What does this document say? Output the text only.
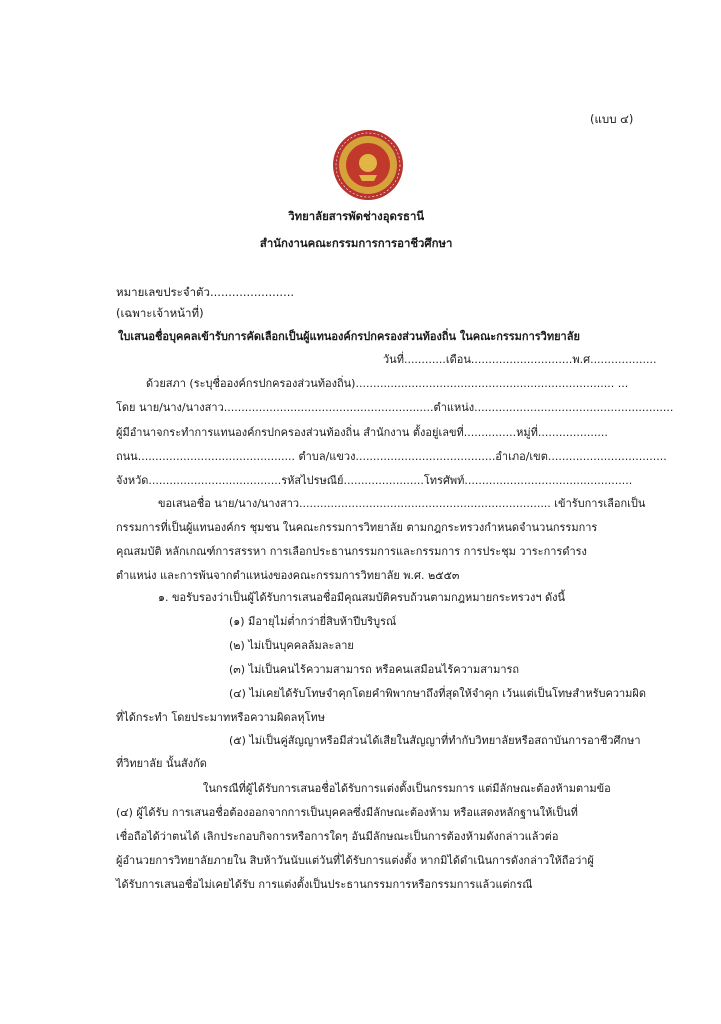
(แบบ ๔)
วิทยาลัยสารพัดช่างอุดรธานี
สำนักงานคณะกรรมการการอาชีวศึกษา
หมายเลขประจำตัว.......................
(เฉพาะเจ้าหน้าที่)
ใบเสนอชื่อบุคคลเข้ารับการคัดเลือกเป็นผู้แทนองค์กรปกครองส่วนท้องถิ่น ในคณะกรรมการวิทยาลัย
วันที่............เดือน.............................พ.ศ...................
ด้วยสภา (ระบุชื่อองค์กรปกครองส่วนท้องถิ่น).......................................................................... ...
โดย นาย/นาง/นางสาว............................................................ตำแหน่ง.........................................................
ผู้มีอำนาจกระทำการแทนองค์กรปกครองส่วนท้องถิ่น สำนักงาน ตั้งอยู่เลขที่...............หมู่ที่....................
ถนน............................................. ตำบล/แขวง........................................อำเภอ/เขต..................................
จังหวัด......................................รหัสไปรษณีย์.......................โทรศัพท์................................................
ขอเสนอชื่อ นาย/นาง/นางสาว........................................................................ เข้ารับการเลือกเป็น
กรรมการที่เป็นผู้แทนองค์กร ชุมชน ในคณะกรรมการวิทยาลัย ตามกฎกระทรวงกำหนดจำนวนกรรมการ
คุณสมบัติ หลักเกณฑ์การสรรหา การเลือกประธานกรรมการและกรรมการ การประชุม วาระการดำรง
ตำแหน่ง และการพ้นจากตำแหน่งของคณะกรรมการวิทยาลัย พ.ศ. ๒๕๕๓
๑. ขอรับรองว่าเป็นผู้ได้รับการเสนอชื่อมีคุณสมบัติครบถ้วนตามกฎหมายกระทรวงฯ ดังนี้
(๑) มีอายุไม่ต่ำกว่ายี่สิบห้าปีบริบูรณ์
(๒) ไม่เป็นบุคคลล้มละลาย
(๓) ไม่เป็นคนไร้ความสามารถ หรือคนเสมือนไร้ความสามารถ
(๔) ไม่เคยได้รับโทษจำคุกโดยคำพิพากษาถึงที่สุดให้จำคุก เว้นแต่เป็นโทษสำหรับความผิด
ที่ได้กระทำ โดยประมาทหรือความผิดลหุโทษ
(๕) ไม่เป็นคู่สัญญาหรือมีส่วนได้เสียในสัญญาที่ทำกับวิทยาลัยหรือสถาบันการอาชีวศึกษา
ที่วิทยาลัย นั้นสังกัด
ในกรณีที่ผู้ได้รับการเสนอชื่อได้รับการแต่งตั้งเป็นกรรมการ แต่มีลักษณะต้องห้ามตามข้อ
(๔) ผู้ได้รับ การเสนอชื่อต้องออกจากการเป็นบุคคลซึ่งมีลักษณะต้องห้าม หรือแสดงหลักฐานให้เป็นที่
เชื่อถือได้ว่าตนได้ เลิกประกอบกิจการหรือการใดๆ อันมีลักษณะเป็นการต้องห้ามดังกล่าวแล้วต่อ
ผู้อำนวยการวิทยาลัยภายใน สิบห้าวันนับแต่วันที่ได้รับการแต่งตั้ง หากมิได้ดำเนินการดังกล่าวให้ถือว่าผู้
ได้รับการเสนอชื่อไม่เคยได้รับ การแต่งตั้งเป็นประธานกรรมการหรือกรรมการแล้วแต่กรณี
